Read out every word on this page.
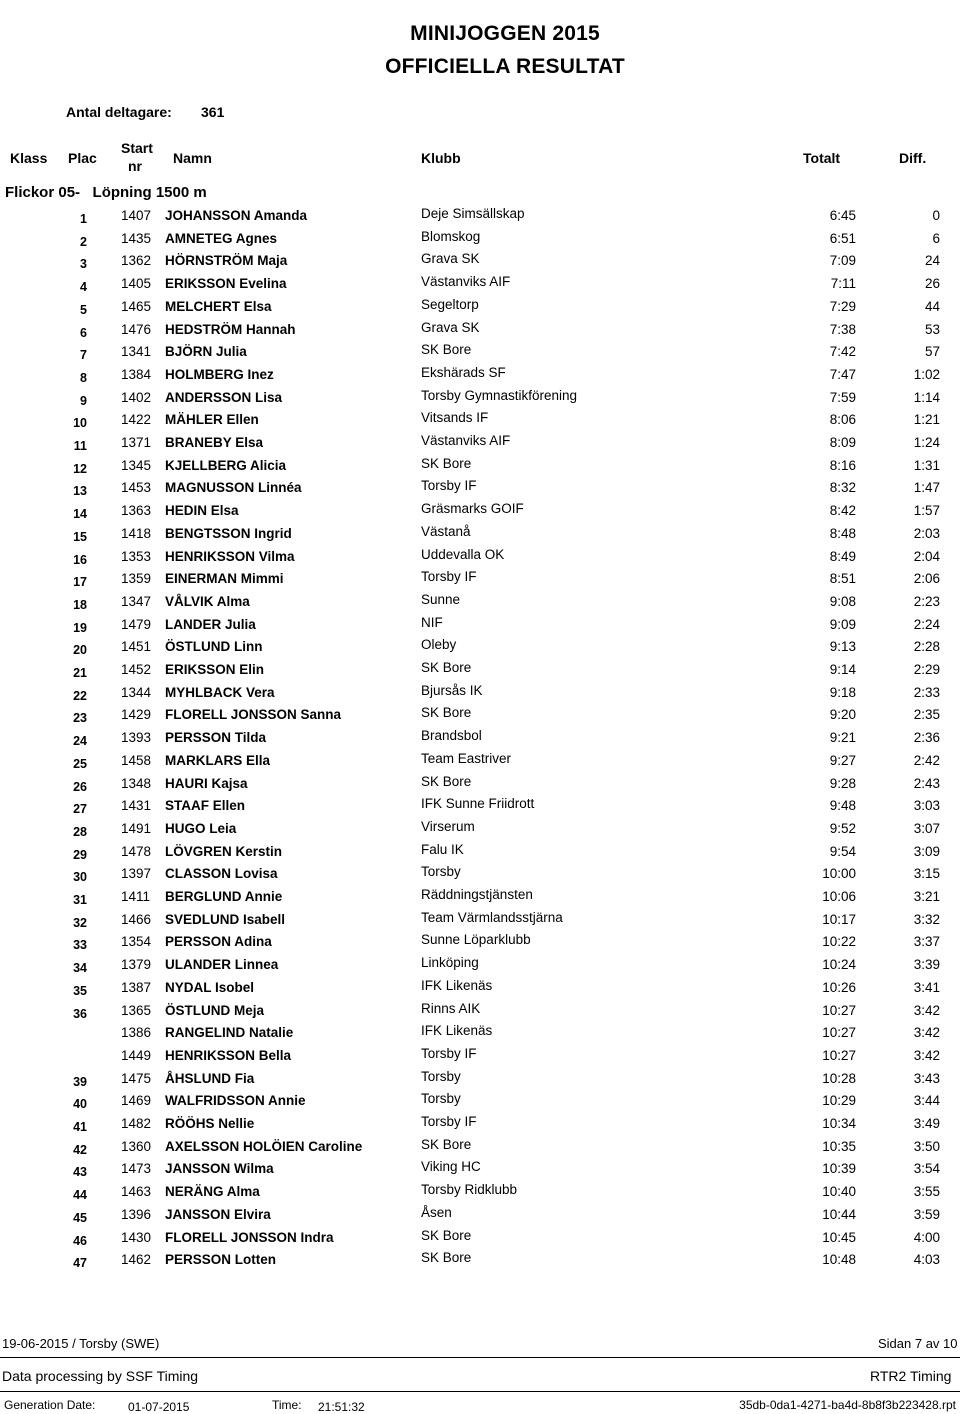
MINIJOGGEN 2015
OFFICIELLA RESULTAT
Antal deltagare: 361
Klass Plac
Start
nr Namn	Klubb	Totalt	Diff.
Flickor 05-   Löpning 1500 m
1	1407 JOHANSSON Amanda	Deje Simsällskap	6:45	0
2	1435 AMNETEG Agnes	Blomskog	6:51	6
3	1362 HÖRNSTRÖM Maja	Grava SK	7:09	24
4	1405 ERIKSSON Evelina	Västanviks AIF	7:11	26
5	1465 MELCHERT Elsa	Segeltorp	7:29	44
6	1476 HEDSTRÖM Hannah	Grava SK	7:38	53
7	1341 BJÖRN Julia	SK Bore	7:42	57
8	1384 HOLMBERG Inez	Ekshärads SF	7:47	1:02
9	1402 ANDERSSON Lisa	Torsby Gymnastikförening	7:59	1:14
10	1422 MÄHLER Ellen	Vitsands IF	8:06	1:21
11	1371 BRANEBY Elsa	Västanviks AIF	8:09	1:24
12	1345 KJELLBERG Alicia	SK Bore	8:16	1:31
13	1453 MAGNUSSON Linnéa	Torsby IF	8:32	1:47
14	1363 HEDIN Elsa	Gräsmarks GOIF	8:42	1:57
15	1418 BENGTSSON Ingrid	Västanå	8:48	2:03
16	1353 HENRIKSSON Vilma	Uddevalla OK	8:49	2:04
17	1359 EINERMAN Mimmi	Torsby IF	8:51	2:06
18	1347 VÅLVIK Alma	Sunne	9:08	2:23
19	1479 LANDER Julia	NIF	9:09	2:24
20	1451 ÖSTLUND Linn	Oleby	9:13	2:28
21	1452 ERIKSSON Elin	SK Bore	9:14	2:29
22	1344 MYHLBACK Vera	Bjursås IK	9:18	2:33
23	1429 FLORELL JONSSON Sanna	SK Bore	9:20	2:35
24	1393 PERSSON Tilda	Brandsbol	9:21	2:36
25	1458 MARKLARS Ella	Team Eastriver	9:27	2:42
26	1348 HAURI Kajsa	SK Bore	9:28	2:43
27	1431 STAAF Ellen	IFK Sunne Friidrott	9:48	3:03
28	1491 HUGO Leia	Virserum	9:52	3:07
29	1478 LÖVGREN Kerstin	Falu IK	9:54	3:09
30	1397 CLASSON Lovisa	Torsby	10:00	3:15
31	1411 BERGLUND Annie	Räddningstjänsten	10:06	3:21
32	1466 SVEDLUND Isabell	Team Värmlandsstjärna	10:17	3:32
33	1354 PERSSON Adina	Sunne Löparklubb	10:22	3:37
34	1379 ULANDER Linnea	Linköping	10:24	3:39
35	1387 NYDAL Isobel	IFK Likenäs	10:26	3:41
36	1365 ÖSTLUND Meja	Rinns AIK	10:27	3:42
1386 RANGELIND Natalie	IFK Likenäs	10:27	3:42
1449 HENRIKSSON Bella	Torsby IF	10:27	3:42
39	1475 ÅHSLUND Fia	Torsby	10:28	3:43
40	1469 WALFRIDSSON Annie	Torsby	10:29	3:44
41	1482 RÖÖHS Nellie	Torsby IF	10:34	3:49
42	1360 AXELSSON HOLÖIEN Caroline	SK Bore	10:35	3:50
43	1473 JANSSON Wilma	Viking HC	10:39	3:54
44	1463 NERÄNG Alma	Torsby Ridklubb	10:40	3:55
45	1396 JANSSON Elvira	Åsen	10:44	3:59
46	1430 FLORELL JONSSON Indra	SK Bore	10:45	4:00
47	1462 PERSSON Lotten	SK Bore	10:48	4:03
19-06-2015 / Torsby (SWE)	Sidan 7 av 10
Data processing by SSF Timing	RTR2 Timing
Generation Date:	01-07-2015	Time: 21:51:32	35db-0da1-4271-ba4d-8b8f3b223428.rpt
